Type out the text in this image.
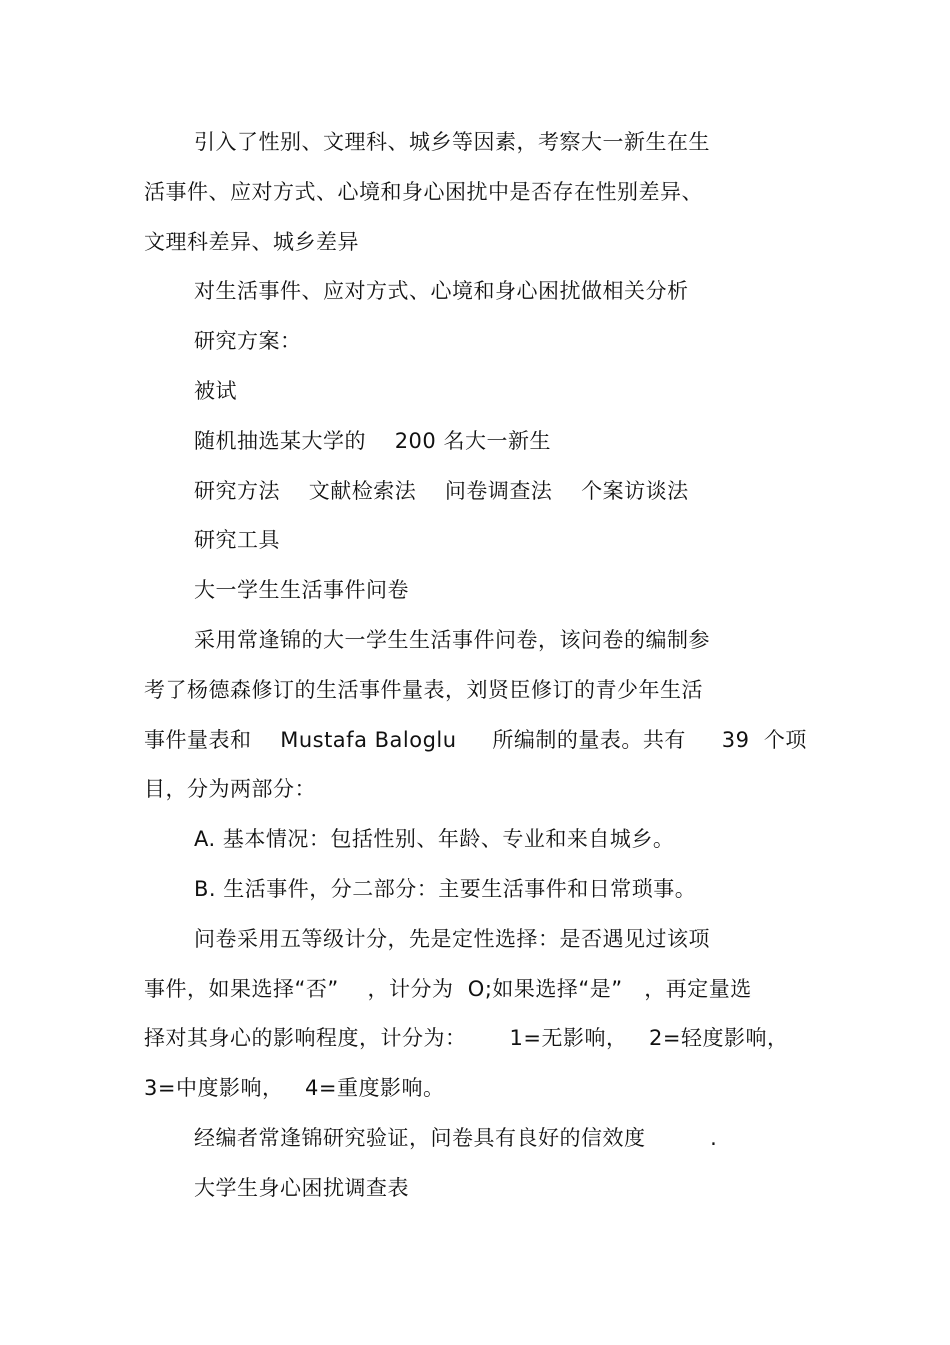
引入了性别、文理科、城乡等因素，考察大一新生在生
活事件、应对方式、心境和身心困扰中是否存在性别差异、
文理科差异、城乡差异
对生活事件、应对方式、心境和身心困扰做相关分析
研究方案：
被试
随机抽选某大学的    200 名大一新生
研究方法    文献检索法    问卷调查法    个案访谈法
研究工具
大一学生生活事件问卷
采用常逢锦的大一学生生活事件问卷，该问卷的编制参
考了杨德森修订的生活事件量表，刘贤臣修订的青少年生活
事件量表和    Mustafa Baloglu     所编制的量表。共有     39  个项
目，分为两部分：
A. 基本情况：包括性别、年龄、专业和来自城乡。
B. 生活事件，分二部分：主要生活事件和日常琐事。
问卷采用五等级计分，先是定性选择：是否遇见过该项
事件，如果选择“否”    ，计分为  O;如果选择“是”   ，再定量选
择对其身心的影响程度，计分为：      1=无影响，   2=轻度影响，
3=中度影响，   4=重度影响。
经编者常逢锦研究验证，问卷具有良好的信效度         .
大学生身心困扰调查表
